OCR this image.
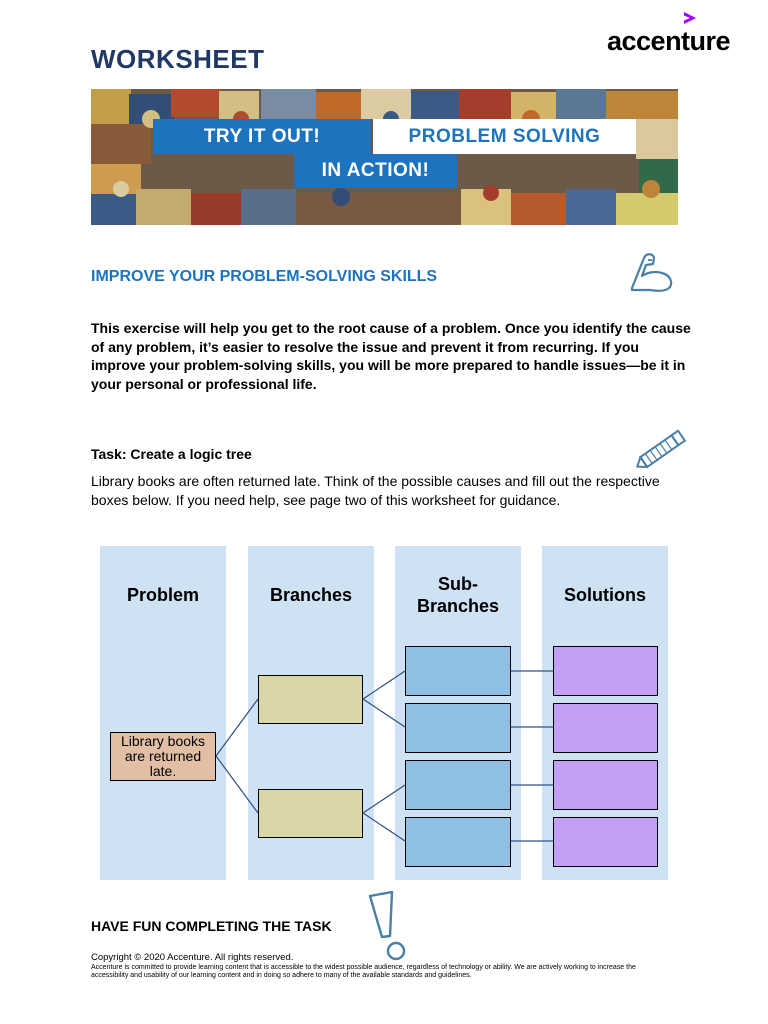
WORKSHEET
accenture
TRY IT OUT!	PROBLEM SOLVING
IN ACTION!
IMPROVE YOUR PROBLEM-SOLVING SKILLS
This exercise will help you get to the root cause of a problem. Once you identify the cause of any problem, it’s easier to resolve the issue and prevent it from recurring. If you improve your problem-solving skills, you will be more prepared to handle issues—be it in your personal or professional life.
Task: Create a logic tree
Library books are often returned late. Think of the possible causes and fill out the respective boxes below. If you need help, see page two of this worksheet for guidance.
Problem	Branches
Sub-
Branches
Solutions
Library books are returned late.
HAVE FUN COMPLETING THE TASK
Copyright © 2020 Accenture. All rights reserved.
Accenture is committed to provide learning content that is accessible to the widest possible audience, regardless of technology or ability. We are actively working to increase the accessibility and usability of our learning content and in doing so adhere to many of the available standards and guidelines.
